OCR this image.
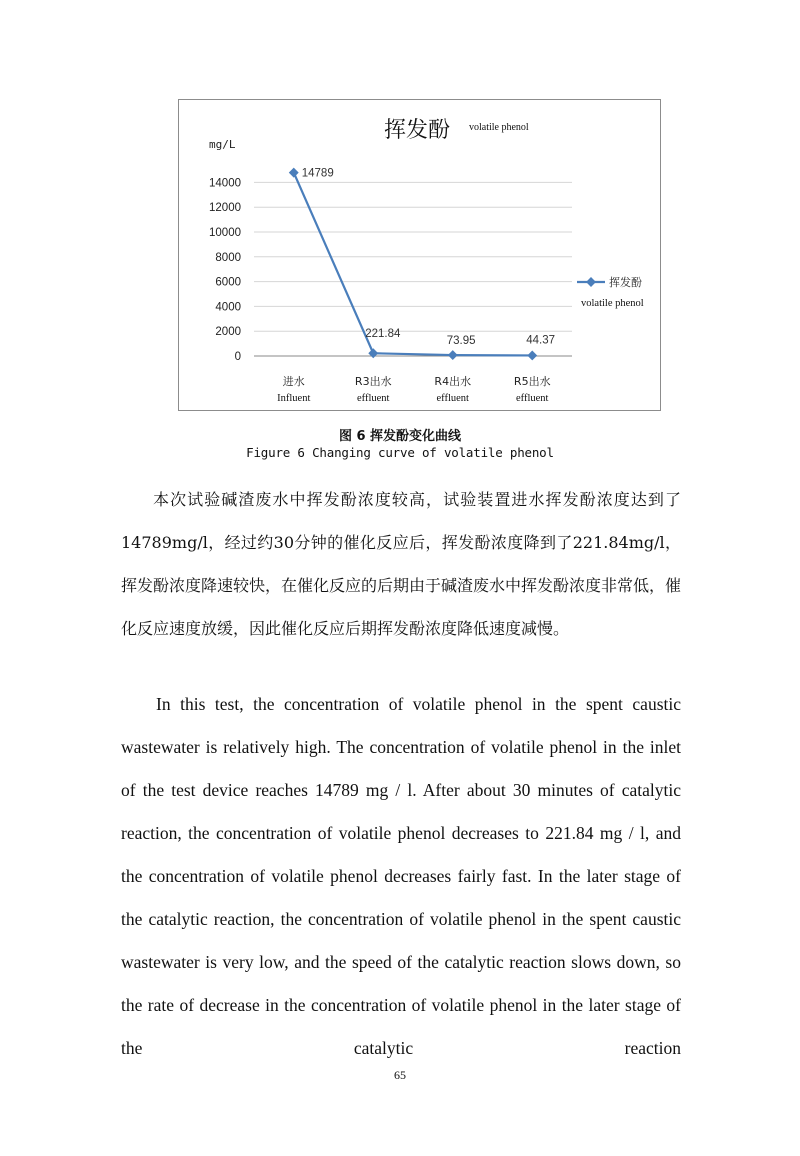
挥发酚 volatile phenol
mg/L
0
2000
4000
6000
8000
10000
12000
14000
进水
Influent
R3出水
effluent
R4出水
effluent
R5出水
effluent
14789
221.84
73.95	44.37
挥发酚
volatile phenol
图 6 挥发酚变化曲线
Figure 6 Changing curve of volatile phenol

本次试验碱渣废水中挥发酚浓度较高，试验装置进水挥发酚浓度达到了14789mg/l，经过约30分钟的催化反应后，挥发酚浓度降到了221.84mg/l，挥发酚浓度降速较快，在催化反应的后期由于碱渣废水中挥发酚浓度非常低，催化反应速度放缓，因此催化反应后期挥发酚浓度降低速度减慢。

In this test, the concentration of volatile phenol in the spent caustic wastewater is relatively high. The concentration of volatile phenol in the inlet of the test device reaches 14789 mg / l. After about 30 minutes of catalytic reaction, the concentration of volatile phenol decreases to 221.84 mg / l, and the concentration of volatile phenol decreases fairly fast. In the later stage of the catalytic reaction, the concentration of volatile phenol in the spent caustic wastewater is very low, and the speed of the catalytic reaction slows down, so the rate of decrease in the concentration of volatile phenol in the later stage of the catalytic reaction

65
